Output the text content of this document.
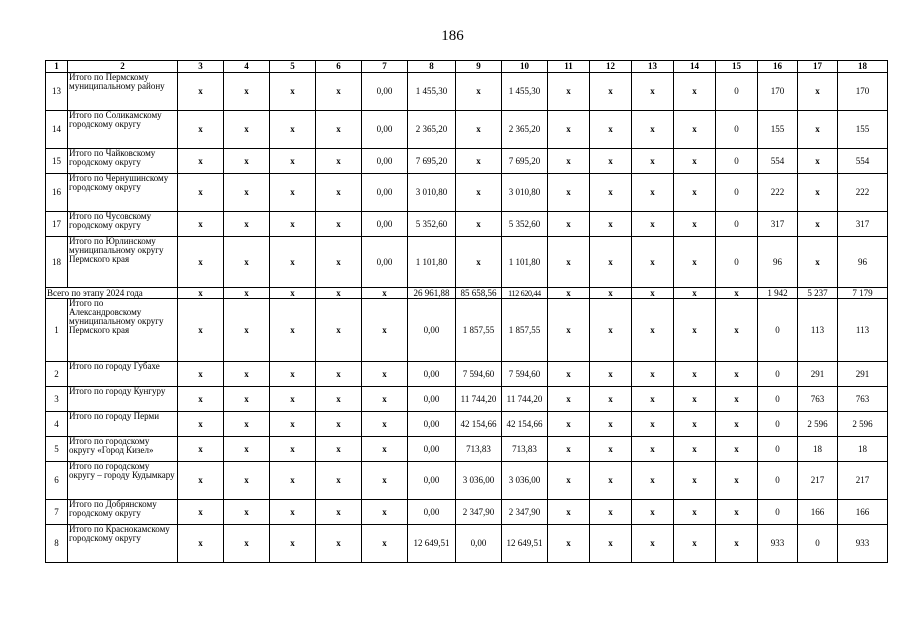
186
1	2	3	4	5	6	7	8	9	10	11	12	13	14	15	16	17	18
13	Итого по Пермскому муниципальному району	x	x	x	x	0,00	1 455,30	x	1 455,30	x	x	x	x	0	170	x	170
14	Итого по Соликамскому городскому округу	x	x	x	x	0,00	2 365,20	x	2 365,20	x	x	x	x	0	155	x	155
15	Итого по Чайковскому городскому округу	x	x	x	x	0,00	7 695,20	x	7 695,20	x	x	x	x	0	554	x	554
16	Итого по Чернушинскому городскому округу	x	x	x	x	0,00	3 010,80	x	3 010,80	x	x	x	x	0	222	x	222
17	Итого по Чусовскому городскому округу	x	x	x	x	0,00	5 352,60	x	5 352,60	x	x	x	x	0	317	x	317
18	Итого по Юрлинскому муниципальному округу Пермского края	x	x	x	x	0,00	1 101,80	x	1 101,80	x	x	x	x	0	96	x	96
Всего по этапу 2024 года		x	x	x	x	x	26 961,88	85 658,56	112 620,44	x	x	x	x	x	1 942	5 237	7 179
1	Итого по Александровскому муниципальному округу Пермского края	x	x	x	x	x	0,00	1 857,55	1 857,55	x	x	x	x	x	0	113	113
2	Итого по городу Губахе	x	x	x	x	x	0,00	7 594,60	7 594,60	x	x	x	x	x	0	291	291
3	Итого по городу Кунгуру	x	x	x	x	x	0,00	11 744,20	11 744,20	x	x	x	x	x	0	763	763
4	Итого по городу Перми	x	x	x	x	x	0,00	42 154,66	42 154,66	x	x	x	x	x	0	2 596	2 596
5	Итого по городскому округу «Город Кизел»	x	x	x	x	x	0,00	713,83	713,83	x	x	x	x	x	0	18	18
6	Итого по городскому округу – городу Кудымкару	x	x	x	x	x	0,00	3 036,00	3 036,00	x	x	x	x	x	0	217	217
7	Итого по Добрянскому городскому округу	x	x	x	x	x	0,00	2 347,90	2 347,90	x	x	x	x	x	0	166	166
8	Итого по Краснокамскому городскому округу	x	x	x	x	x	12 649,51	0,00	12 649,51	x	x	x	x	x	933	0	933
